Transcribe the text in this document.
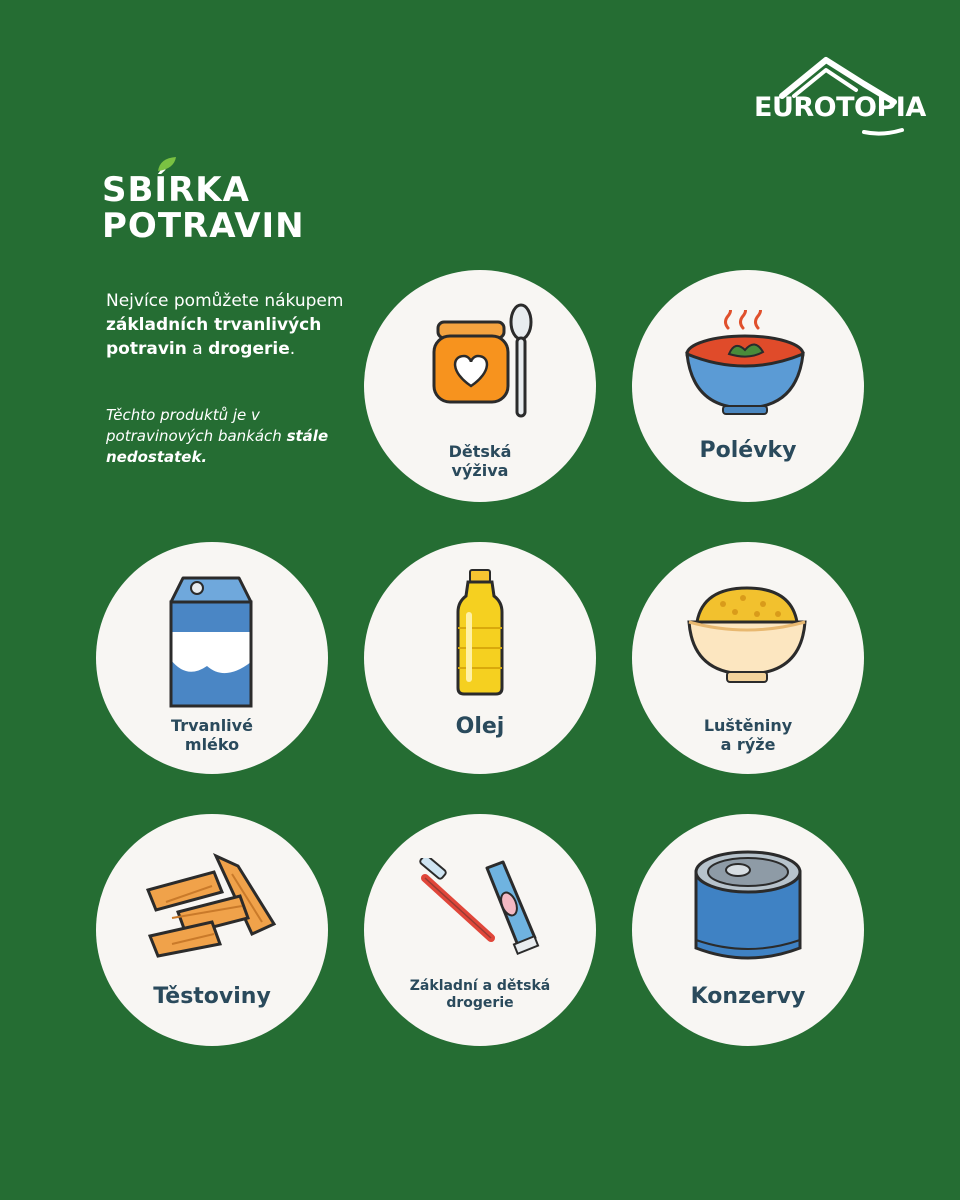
EUROTOPIA
SBÍRKA
POTRAVIN
Nejvíce pomůžete nákupem základních trvanlivých potravin a drogerie.
Těchto produktů je v potravinových bankách stále nedostatek.	Dětská
výživa
Polévky
Trvanlivé
mléko
Olej	Luštěniny
a rýže
Těstoviny	Základní a dětská
drogerie	Konzervy
